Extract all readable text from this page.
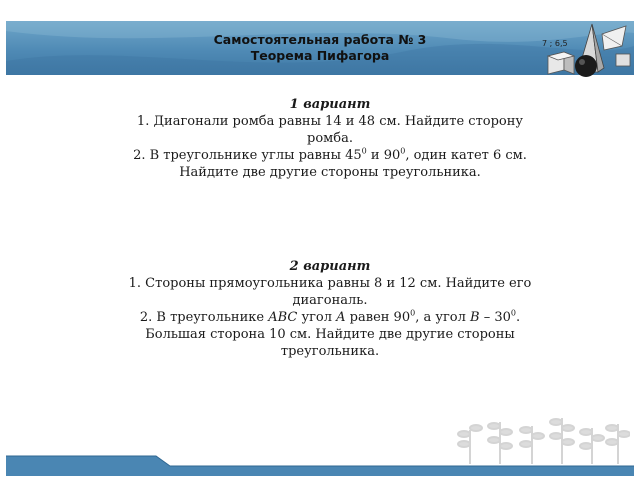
Самостоятельная работа № 3
Теорема Пифагора
7 ; 6,5
1 вариант
1. Диагонали ромба равны 14 и 48 см. Найдите сторону
ромба.
2. В треугольнике углы равны $45^0$ и $90^0$, один катет 6 см.
Найдите две другие стороны треугольника.
2 вариант
1. Стороны прямоугольника равны 8 и 12 см. Найдите его
диагональ.
2. В треугольнике ABC угол A равен $90^0$, а угол B – $30^0$.
Большая сторона 10 см. Найдите две другие стороны
треугольника.
